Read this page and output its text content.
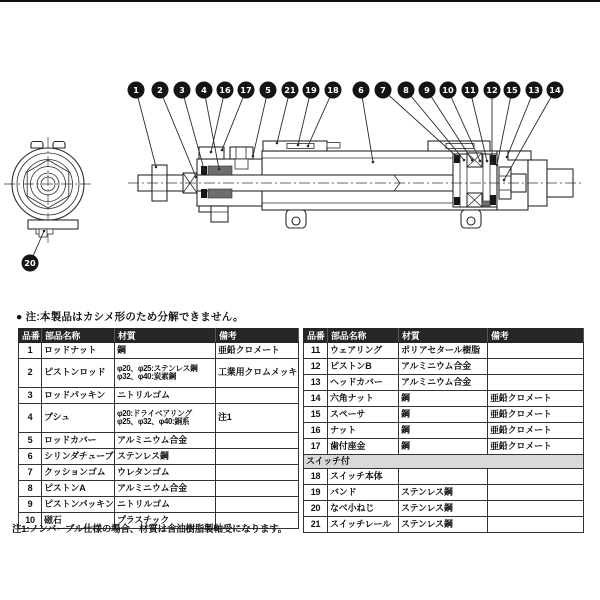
1 2 3 4 16 17 5 21 19 18 6 7 8 9 10 11 12 15 13 14
20
● 注:本製品はカシメ形のため分解できません。
品番	部品名称	材質	備考
1	ロッドナット	鋼	亜鉛クロメート
2	ピストンロッド	φ20、φ25:ステンレス鋼
φ32、φ40:炭素鋼	工業用クロムメッキ
3	ロッドパッキン	ニトリルゴム	
4	ブシュ	φ20:ドライベアリング
φ25、φ32、φ40:銅系	注1
5	ロッドカバー	アルミニウム合金	
6	シリンダチューブ	ステンレス鋼	
7	クッションゴム	ウレタンゴム	
8	ピストンA	アルミニウム合金	
9	ピストンパッキン	ニトリルゴム	
10	磁石	プラスチック	
品番	部品名称	材質	備考
11	ウェアリング	ポリアセタール樹脂	
12	ピストンB	アルミニウム合金	
13	ヘッドカバー	アルミニウム合金	
14	六角ナット	鋼	亜鉛クロメート
15	スペーサ	鋼	亜鉛クロメート
16	ナット	鋼	亜鉛クロメート
17	歯付座金	鋼	亜鉛クロメート
スイッチ付			
18	スイッチ本体		
19	バンド	ステンレス鋼	
20	なべ小ねじ	ステンレス鋼	
21	スイッチレール	ステンレス鋼	
注1:ノンバーブル仕様の場合、材質は含油樹脂製軸受になります。
